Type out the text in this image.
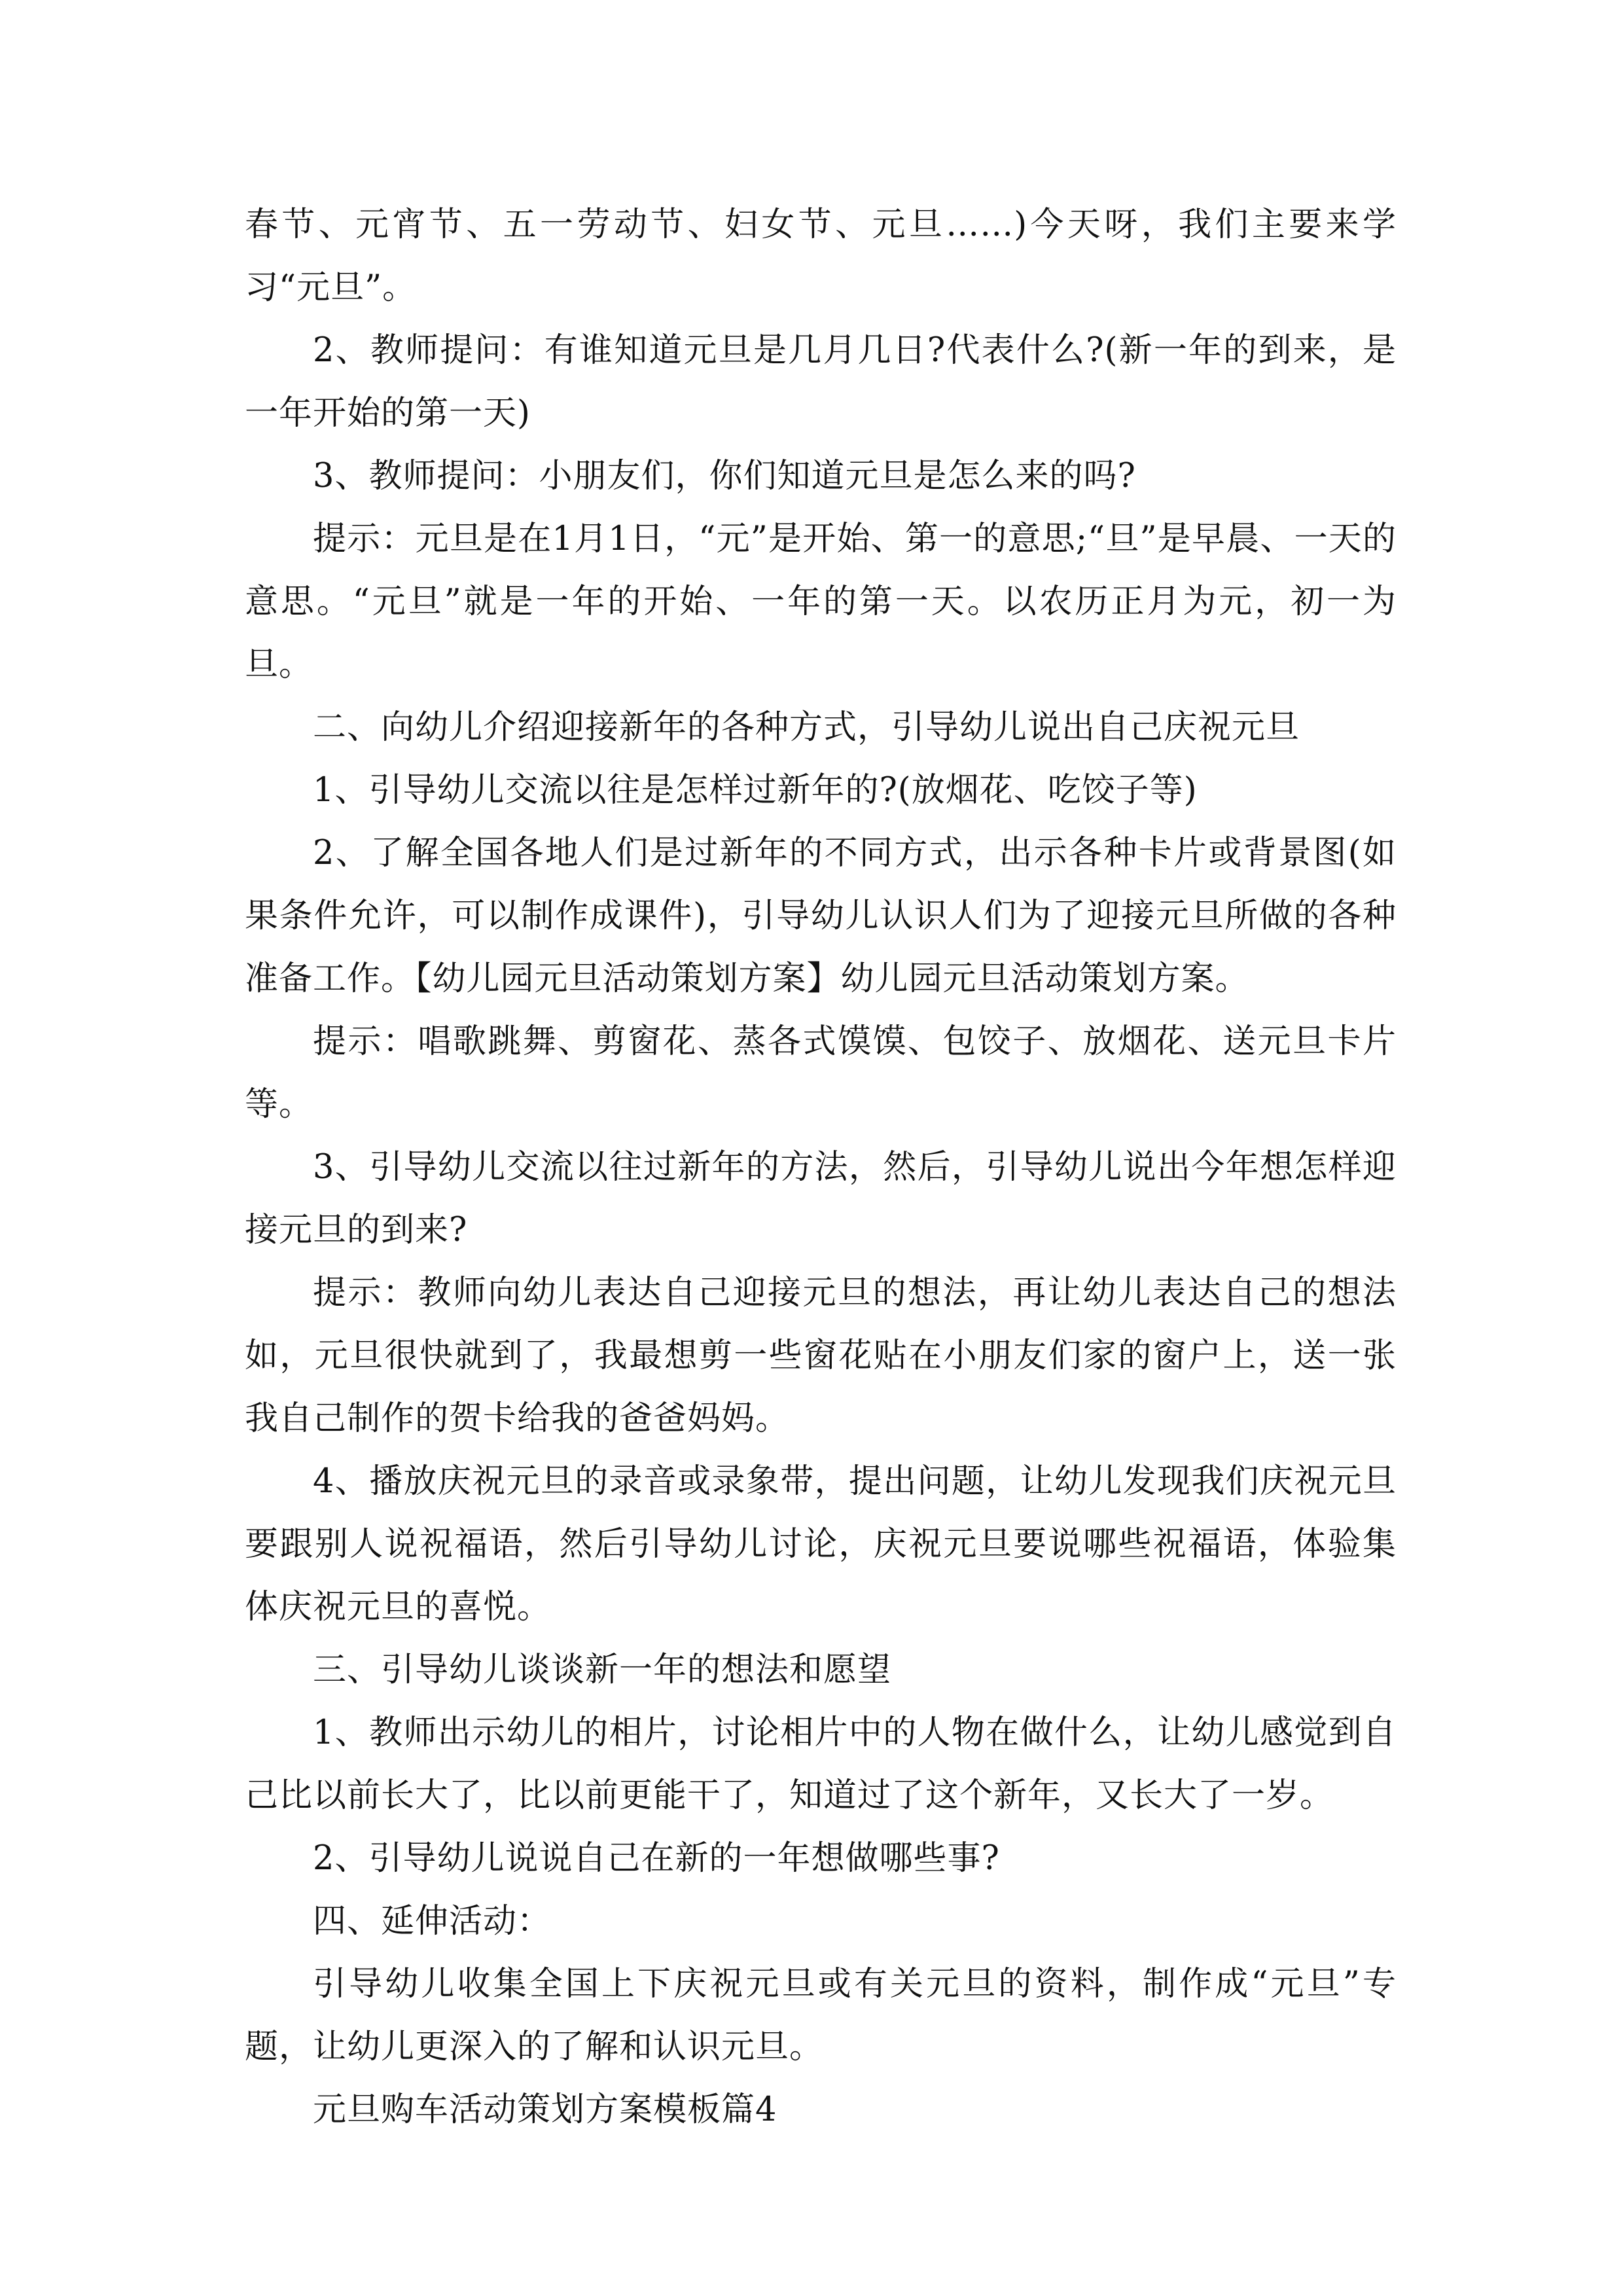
春节、元宵节、五一劳动节、妇女节、元旦……)今天呀，我们主要来学习“元旦”。

2、教师提问：有谁知道元旦是几月几日?代表什么?(新一年的到来，是一年开始的第一天)

3、教师提问：小朋友们，你们知道元旦是怎么来的吗?

提示：元旦是在1月1日，“元”是开始、第一的意思;“旦”是早晨、一天的意思。“元旦”就是一年的开始、一年的第一天。以农历正月为元，初一为旦。

二、向幼儿介绍迎接新年的各种方式，引导幼儿说出自己庆祝元旦

1、引导幼儿交流以往是怎样过新年的?(放烟花、吃饺子等)

2、了解全国各地人们是过新年的不同方式，出示各种卡片或背景图(如果条件允许，可以制作成课件)，引导幼儿认识人们为了迎接元旦所做的各种准备工作。【幼儿园元旦活动策划方案】幼儿园元旦活动策划方案。

提示：唱歌跳舞、剪窗花、蒸各式馍馍、包饺子、放烟花、送元旦卡片等。

3、引导幼儿交流以往过新年的方法，然后，引导幼儿说出今年想怎样迎接元旦的到来?

提示：教师向幼儿表达自己迎接元旦的想法，再让幼儿表达自己的想法如，元旦很快就到了，我最想剪一些窗花贴在小朋友们家的窗户上，送一张我自己制作的贺卡给我的爸爸妈妈。

4、播放庆祝元旦的录音或录象带，提出问题，让幼儿发现我们庆祝元旦要跟别人说祝福语，然后引导幼儿讨论，庆祝元旦要说哪些祝福语，体验集体庆祝元旦的喜悦。

三、引导幼儿谈谈新一年的想法和愿望

1、教师出示幼儿的相片，讨论相片中的人物在做什么，让幼儿感觉到自己比以前长大了，比以前更能干了，知道过了这个新年，又长大了一岁。

2、引导幼儿说说自己在新的一年想做哪些事?

四、延伸活动：

引导幼儿收集全国上下庆祝元旦或有关元旦的资料，制作成“元旦”专题，让幼儿更深入的了解和认识元旦。

元旦购车活动策划方案模板篇4
